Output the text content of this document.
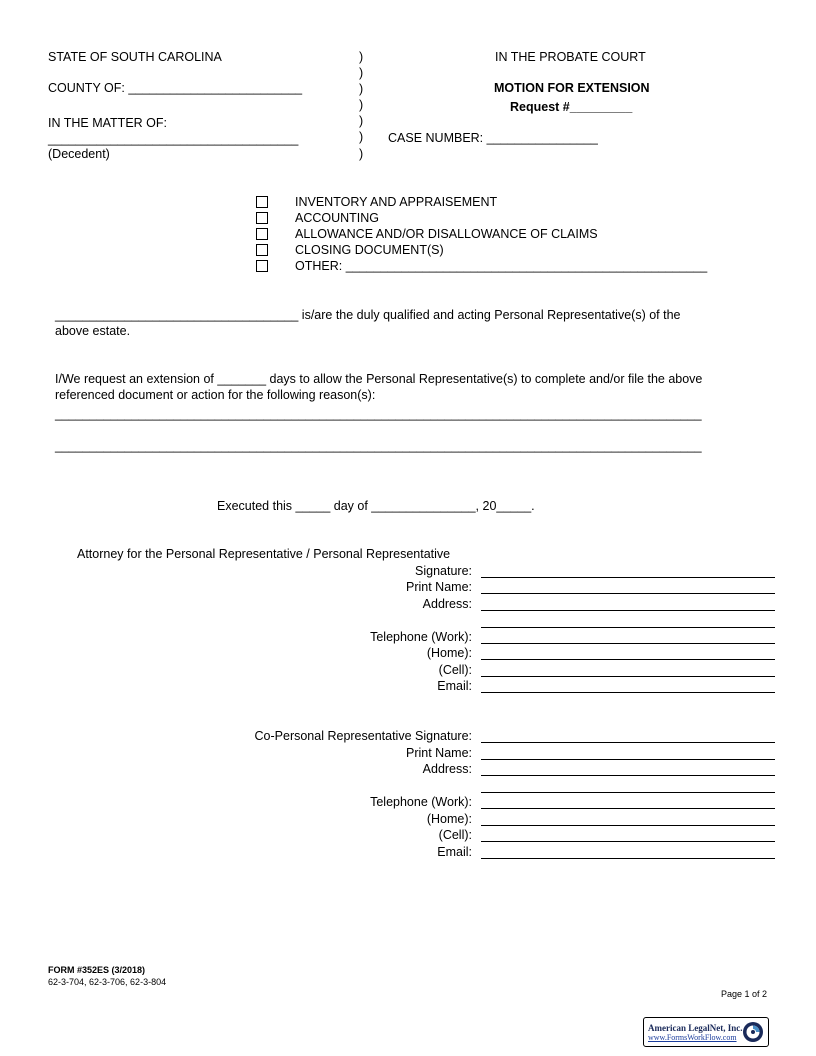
STATE OF SOUTH CAROLINA
COUNTY OF: _________________________
IN THE MATTER OF:
____________________________________
(Decedent)
)
)
)
)
)
)
)
IN THE PROBATE COURT
MOTION FOR EXTENSION
Request #_________
CASE NUMBER: ________________
INVENTORY AND APPRAISEMENT
ACCOUNTING
ALLOWANCE AND/OR DISALLOWANCE OF CLAIMS
CLOSING DOCUMENT(S)
OTHER: ____________________________________________________
___________________________________ is/are the duly qualified and acting Personal Representative(s) of the
above estate.
I/We request an extension of _______ days to allow the Personal Representative(s) to complete and/or file the above
referenced document or action for the following reason(s):
_____________________________________________________________________________________________
_____________________________________________________________________________________________
Executed this _____ day of _______________, 20_____.
Attorney for the Personal Representative / Personal Representative
Signature:
Print Name:
Address:
Telephone (Work):
(Home):
(Cell):
Email:
Co-Personal Representative Signature:
Print Name:
Address:
Telephone (Work):
(Home):
(Cell):
Email:
FORM #352ES (3/2018)
62-3-704, 62-3-706, 62-3-804
Page 1 of 2
American LegalNet, Inc.
www.FormsWorkFlow.com
